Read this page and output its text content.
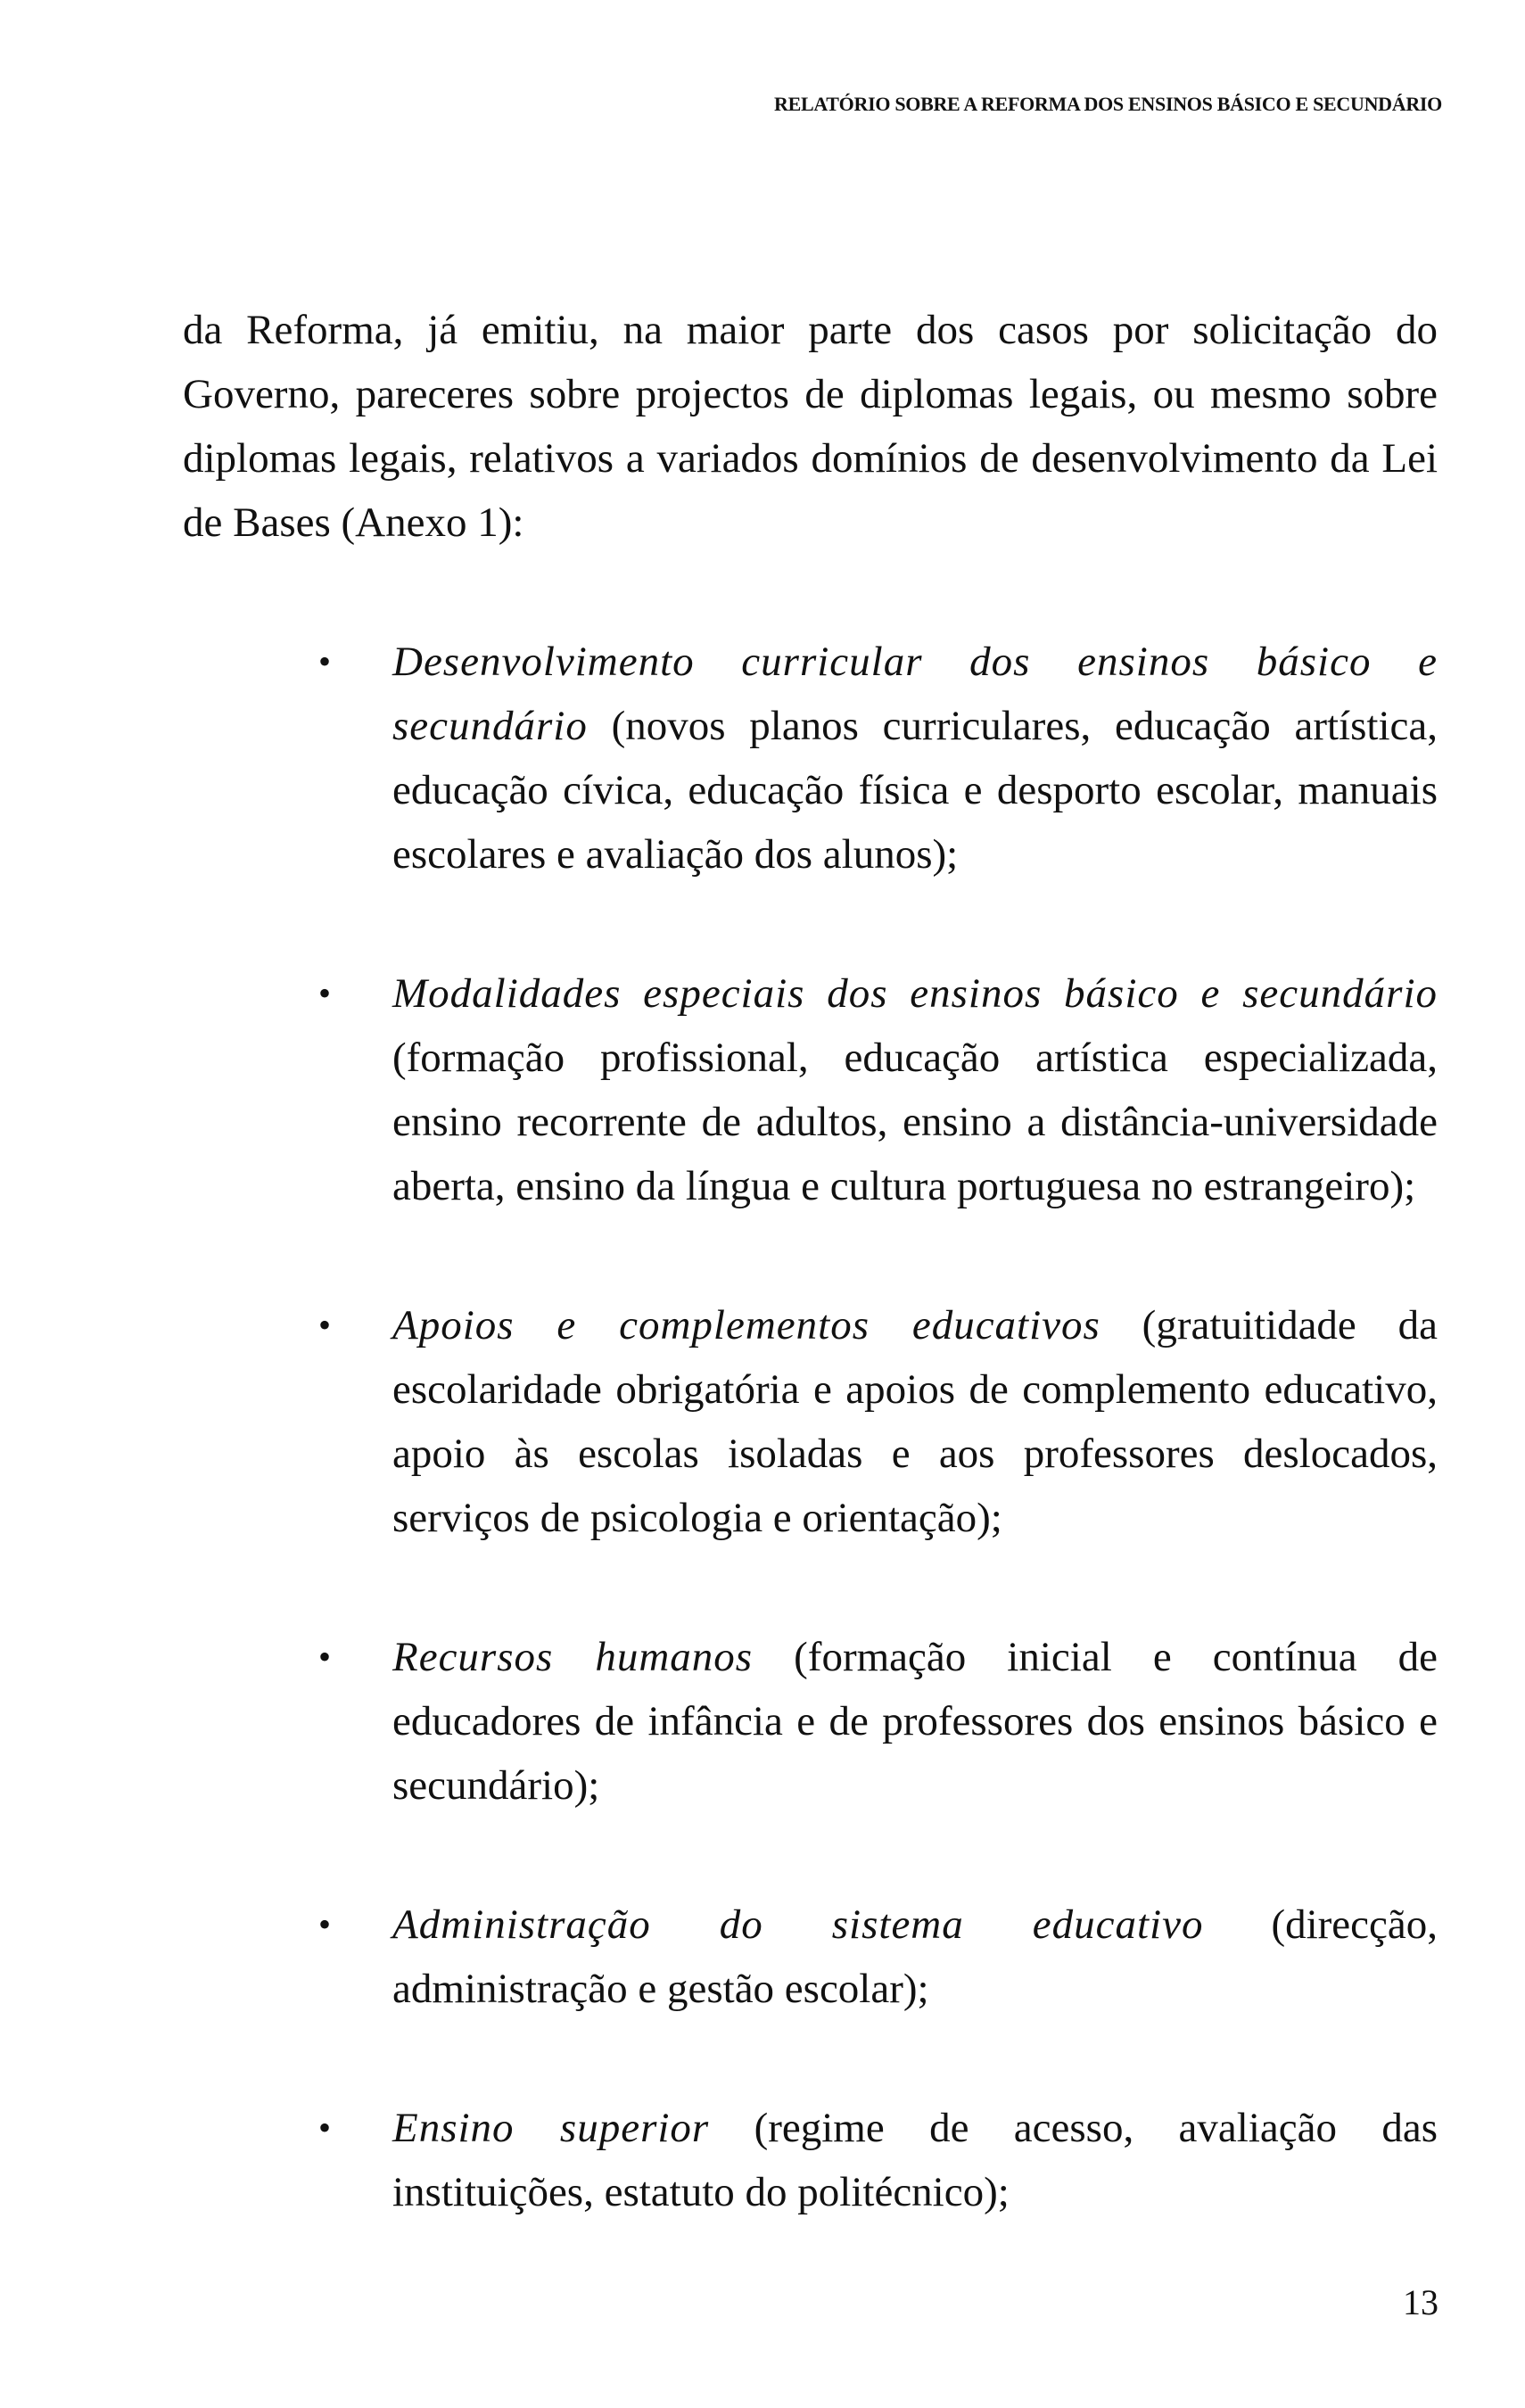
RELATÓRIO SOBRE A REFORMA DOS ENSINOS BÁSICO E SECUNDÁRIO

da Reforma, já emitiu, na maior parte dos casos por solicitação do Governo, pareceres sobre projectos de diplomas legais, ou mesmo sobre diplomas legais, relativos a variados domínios de desenvolvimento da Lei de Bases (Anexo 1):

• Desenvolvimento curricular dos ensinos básico e secundário (novos planos curriculares, educação artística, educação cívica, educação física e desporto escolar, manuais escolares e avaliação dos alunos);
• Modalidades especiais dos ensinos básico e secundário (formação profissional, educação artística especializada, ensino recorrente de adultos, ensino a distância-universidade aberta, ensino da língua e cultura portuguesa no estrangeiro);
• Apoios e complementos educativos (gratuitidade da escolaridade obrigatória e apoios de complemento educativo, apoio às escolas isoladas e aos professores deslocados, serviços de psicologia e orientação);
• Recursos humanos (formação inicial e contínua de educadores de infância e de professores dos ensinos básico e secundário);
• Administração do sistema educativo (direcção, administração e gestão escolar);
• Ensino superior (regime de acesso, avaliação das instituições, estatuto do politécnico);
13
